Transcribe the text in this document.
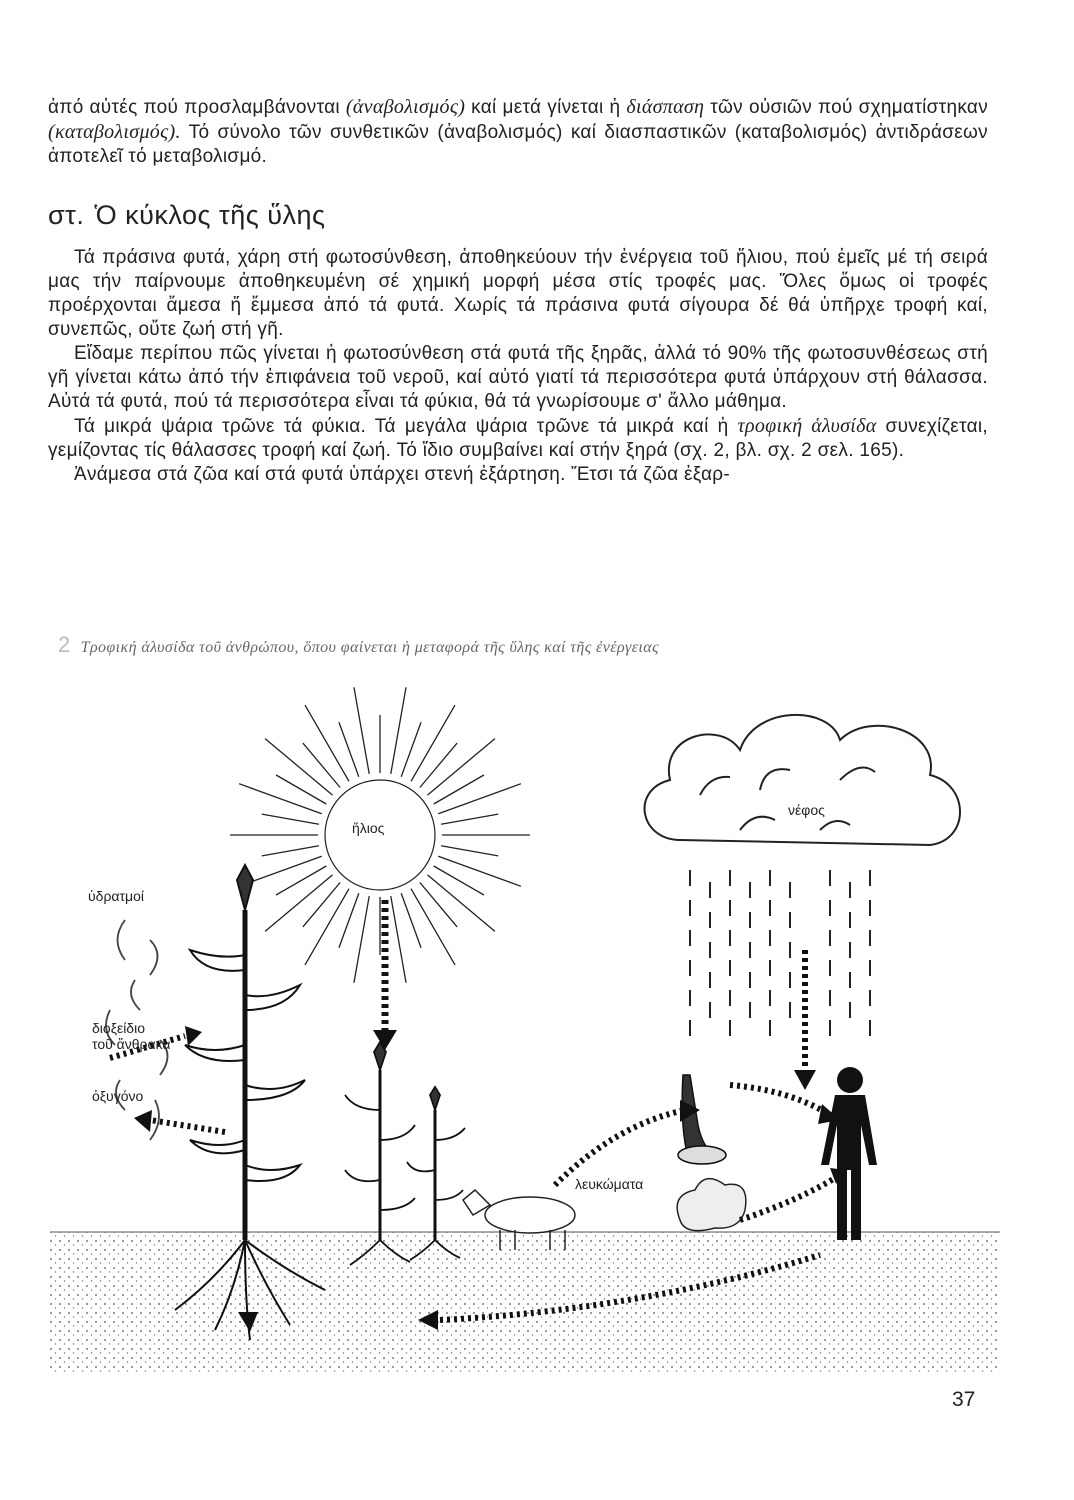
ἀπό αὐτές πού προσλαμβάνονται (ἀναβολισμός) καί μετά γίνεται ἡ διάσπαση τῶν οὐσιῶν πού σχηματίστηκαν (καταβολισμός). Τό σύνολο τῶν συνθετικῶν (ἀναβολισμός) καί διασπαστικῶν (καταβολισμός) ἀντιδράσεων ἀποτελεῖ τό μεταβολισμό.
στ. Ὁ κύκλος τῆς ὕλης

Τά πράσινα φυτά, χάρη στή φωτοσύνθεση, ἀποθηκεύουν τήν ἐνέργεια τοῦ ἥλιου, πού ἐμεῖς μέ τή σειρά μας τήν παίρνουμε ἀποθηκευμένη σέ χημική μορφή μέσα στίς τροφές μας. Ὅλες ὅμως οἱ τροφές προέρχονται ἄμεσα ἤ ἔμμεσα ἀπό τά φυτά. Χωρίς τά πράσινα φυτά σίγουρα δέ θά ὑπῆρχε τροφή καί, συνεπῶς, οὔτε ζωή στή γῆ.

Εἴδαμε περίπου πῶς γίνεται ἡ φωτοσύνθεση στά φυτά τῆς ξηρᾶς, ἀλλά τό 90% τῆς φωτοσυνθέσεως στή γῆ γίνεται κάτω ἀπό τήν ἐπιφάνεια τοῦ νεροῦ, καί αὐτό γιατί τά περισσότερα φυτά ὑπάρχουν στή θάλασσα. Αὐτά τά φυτά, πού τά περισσότερα εἶναι τά φύκια, θά τά γνωρίσουμε σ' ἄλλο μάθημα.

Τά μικρά ψάρια τρῶνε τά φύκια. Τά μεγάλα ψάρια τρῶνε τά μικρά καί ἡ τροφική ἁλυσίδα συνεχίζεται, γεμίζοντας τίς θάλασσες τροφή καί ζωή. Τό ἴδιο συμβαίνει καί στήν ξηρά (σχ. 2, βλ. σχ. 2 σελ. 165).

Ἀνάμεσα στά ζῶα καί στά φυτά ὑπάρχει στενή ἐξάρτηση. Ἔτσι τά ζῶα ἐξαρ-

2 Τροφική ἁλυσίδα τοῦ ἀνθρώπου, ὅπου φαίνεται ἡ μεταφορά τῆς ὕλης καί τῆς ἐνέργειας
ἥλιος
νέφος
ὑδρατμοί
διοξείδιο
τοῦ ἄνθρακα
ὀξυγόνο
λευκώματα
37
